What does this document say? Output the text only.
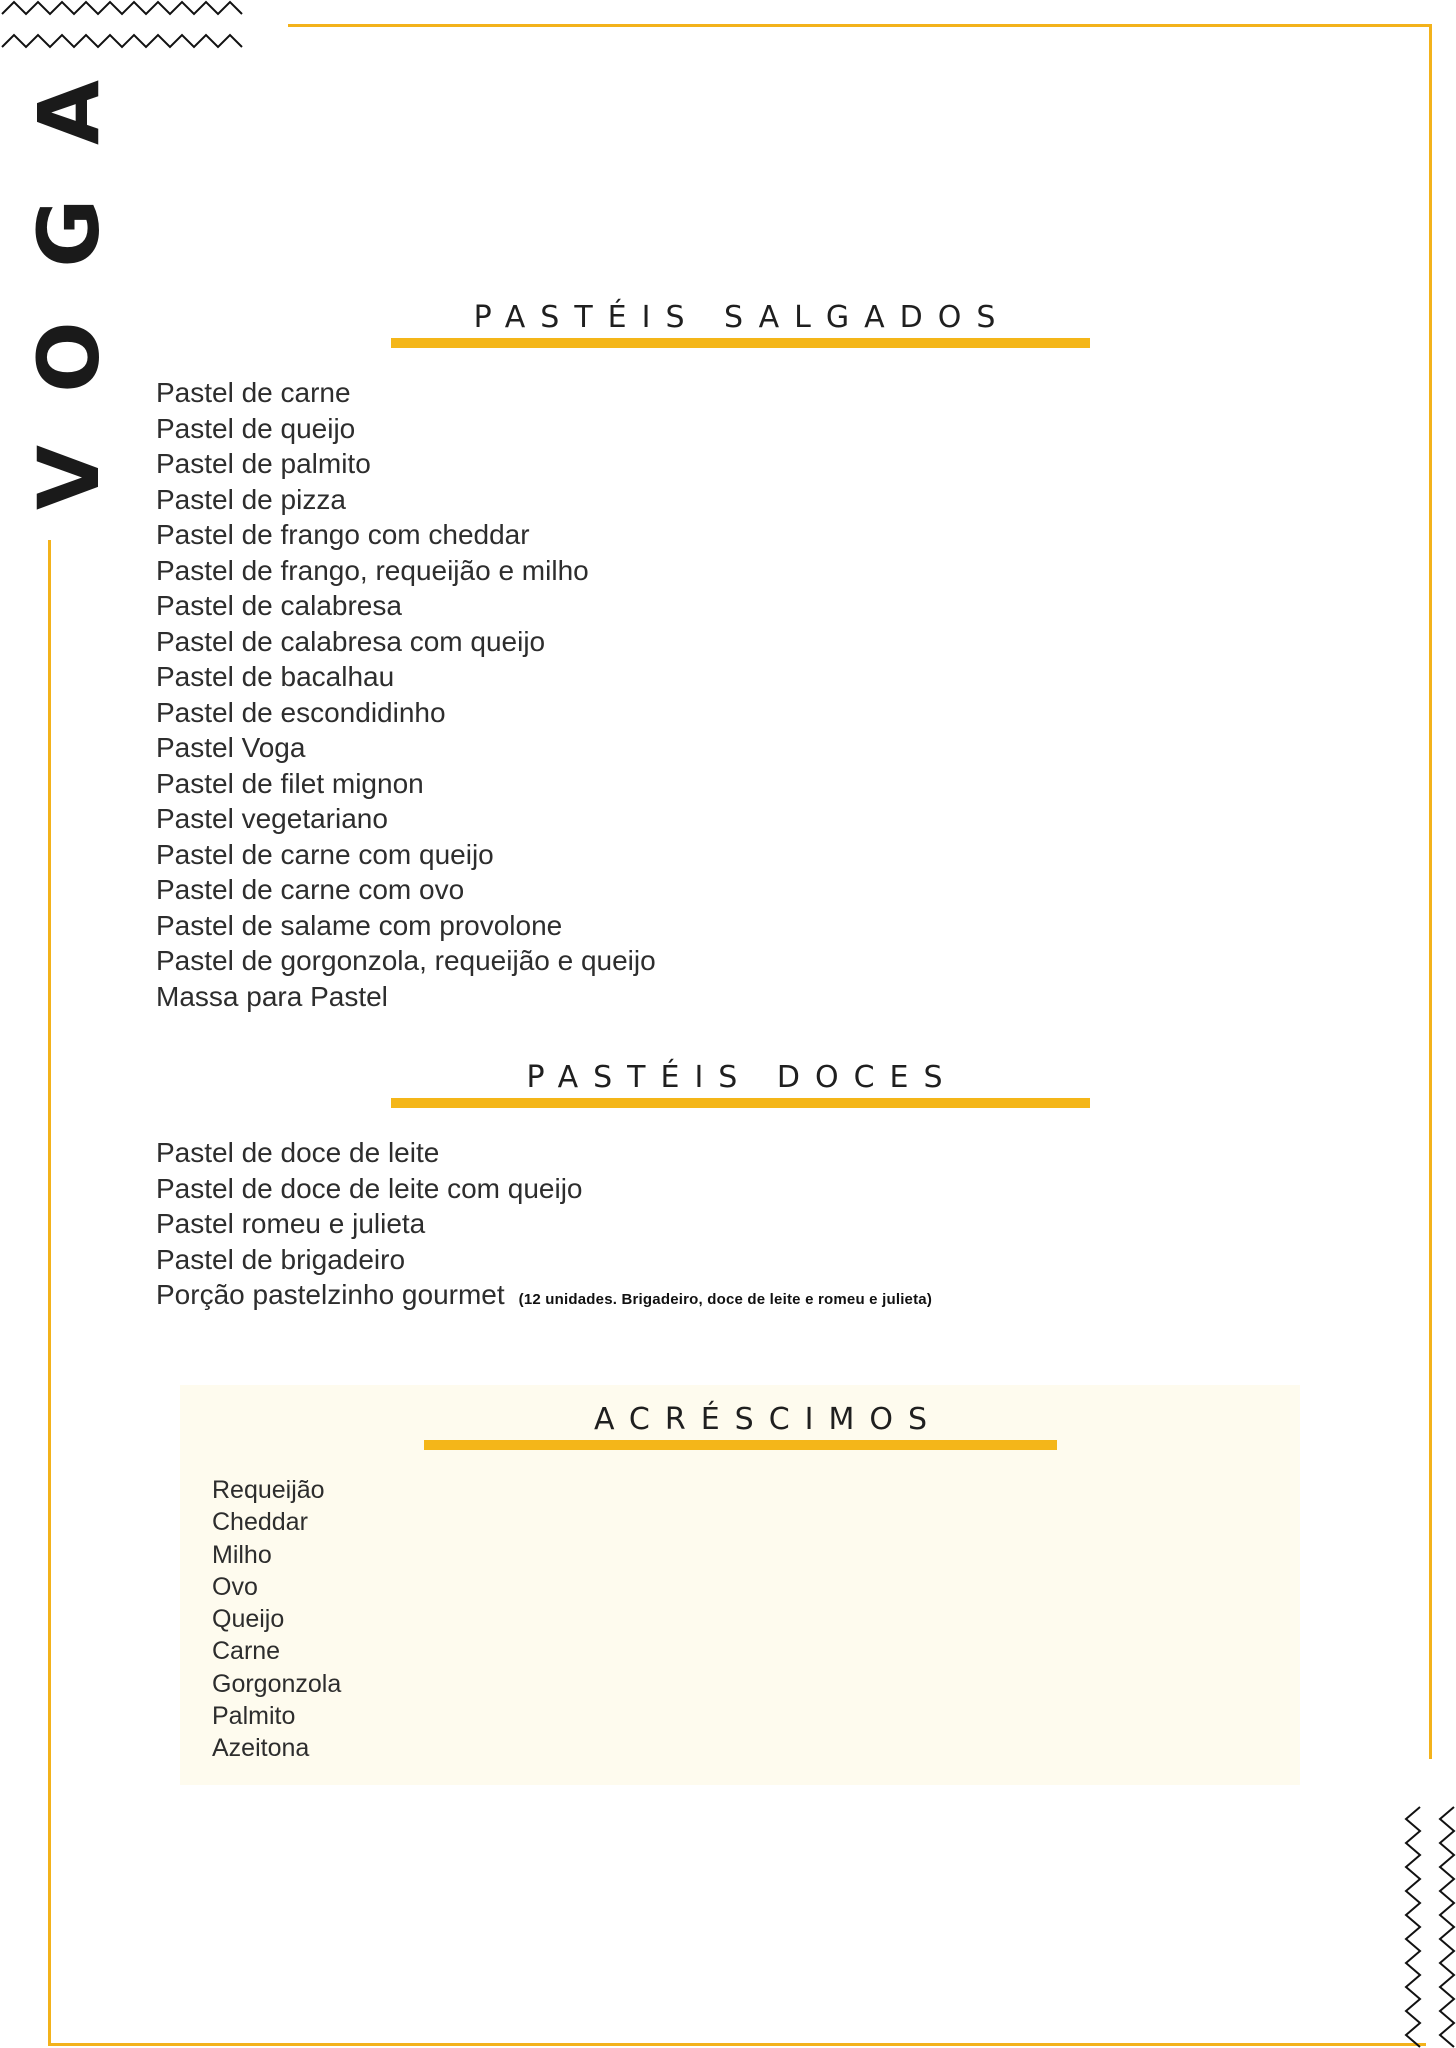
VOGA
PASTÉIS SALGADOS
Pastel de carne
Pastel de queijo
Pastel de palmito
Pastel de pizza
Pastel de frango com cheddar
Pastel de frango, requeijão e milho
Pastel de calabresa
Pastel de calabresa com queijo
Pastel de bacalhau
Pastel de escondidinho
Pastel Voga
Pastel de filet mignon
Pastel vegetariano
Pastel de carne com queijo
Pastel de carne com ovo
Pastel de salame com provolone
Pastel de gorgonzola, requeijão e queijo
Massa para Pastel
PASTÉIS DOCES
Pastel de doce de leite
Pastel de doce de leite com queijo
Pastel romeu e julieta
Pastel de brigadeiro
Porção pastelzinho gourmet (12 unidades. Brigadeiro, doce de leite e romeu e julieta)
ACRÉSCIMOS
Requeijão
Cheddar
Milho
Ovo
Queijo
Carne
Gorgonzola
Palmito
Azeitona
